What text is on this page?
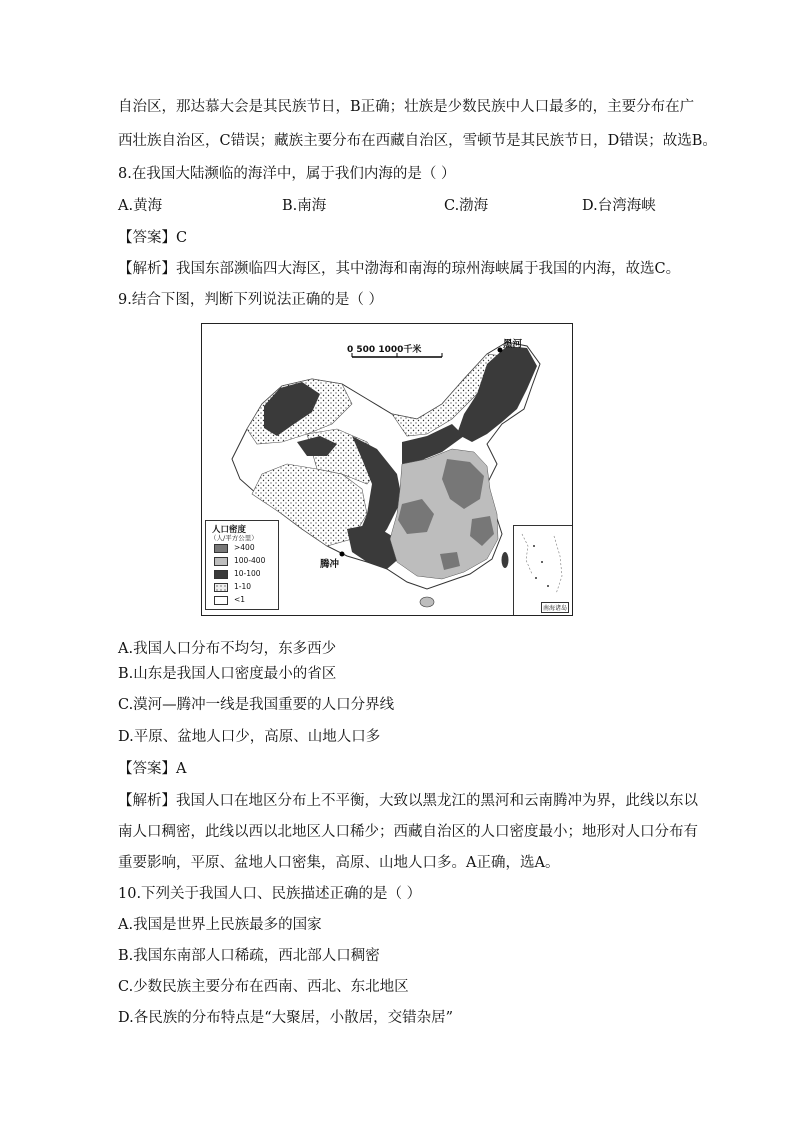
自治区，那达慕大会是其民族节日，B正确；壮族是少数民族中人口最多的，主要分布在广
西壮族自治区，C错误；藏族主要分布在西藏自治区，雪顿节是其民族节日，D错误；故选B。
8.在我国大陆濒临的海洋中，属于我们内海的是（ ）
A.黄海	B.南海	C.渤海	D.台湾海峡
【答案】C
【解析】我国东部濒临四大海区，其中渤海和南海的琼州海峡属于我国的内海，故选C。
9.结合下图，判断下列说法正确的是（ ）
0 500 1000千米	黑河
腾冲
人口密度
（人/平方公里）
>400
100-400
10-100
1-10
<1
南海诸岛
A.我国人口分布不均匀，东多西少
B.山东是我国人口密度最小的省区
C.漠河—腾冲一线是我国重要的人口分界线
D.平原、盆地人口少，高原、山地人口多
【答案】A
【解析】我国人口在地区分布上不平衡，大致以黑龙江的黑河和云南腾冲为界，此线以东以
南人口稠密，此线以西以北地区人口稀少；西藏自治区的人口密度最小；地形对人口分布有
重要影响，平原、盆地人口密集，高原、山地人口多。A正确，选A。
10.下列关于我国人口、民族描述正确的是（ ）
A.我国是世界上民族最多的国家
B.我国东南部人口稀疏，西北部人口稠密
C.少数民族主要分布在西南、西北、东北地区
D.各民族的分布特点是“大聚居，小散居，交错杂居”
